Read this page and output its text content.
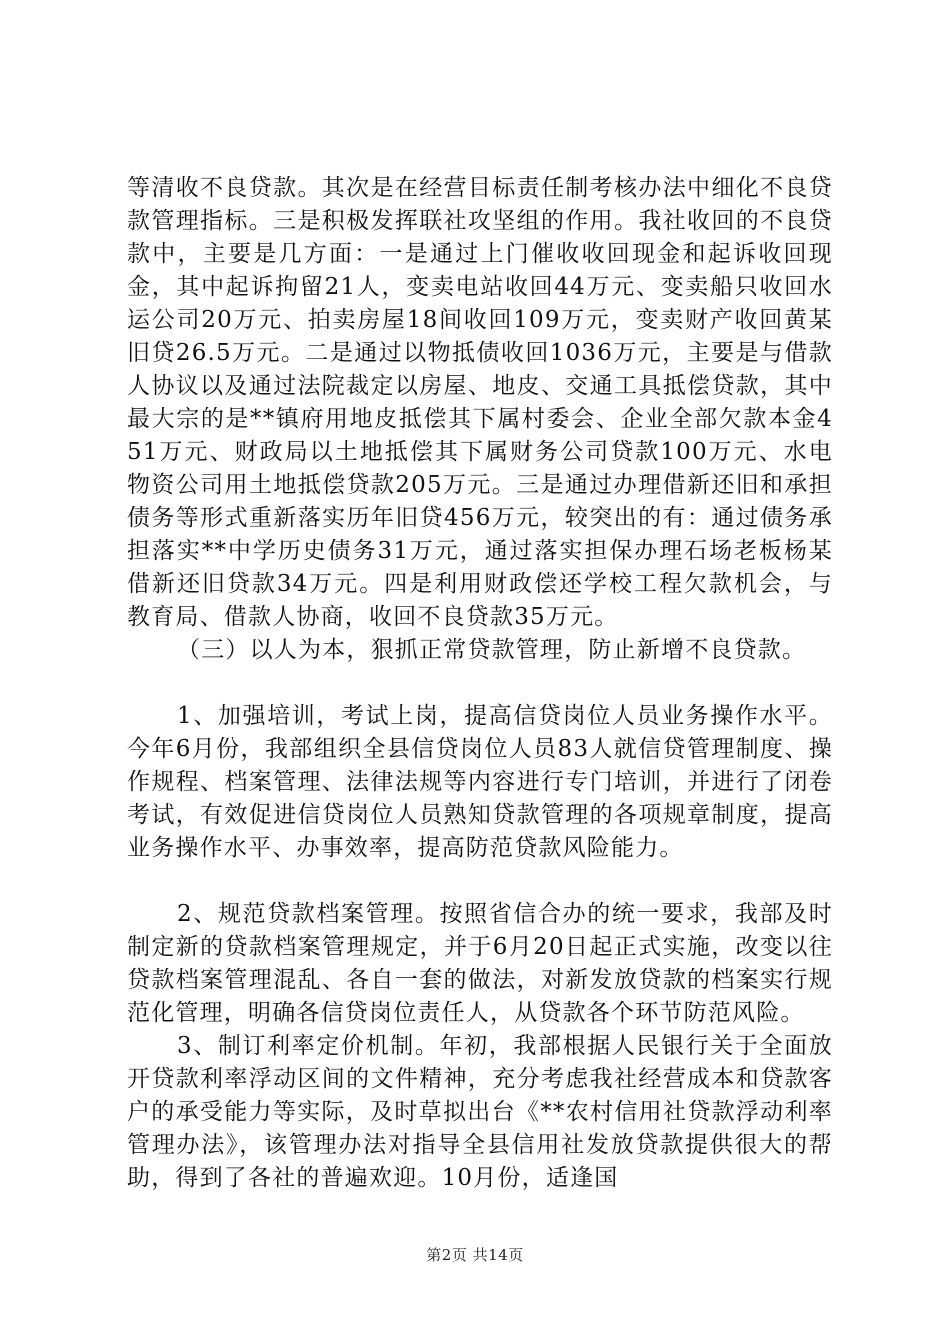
等清收不良贷款。其次是在经营目标责任制考核办法中细化不良贷款管理指标。三是积极发挥联社攻坚组的作用。我社收回的不良贷款中，主要是几方面：一是通过上门催收收回现金和起诉收回现金，其中起诉拘留21人，变卖电站收回44万元、变卖船只收回水运公司20万元、拍卖房屋18间收回109万元，变卖财产收回黄某旧贷26.5万元。二是通过以物抵债收回1036万元，主要是与借款人协议以及通过法院裁定以房屋、地皮、交通工具抵偿贷款，其中最大宗的是**镇府用地皮抵偿其下属村委会、企业全部欠款本金451万元、财政局以土地抵偿其下属财务公司贷款100万元、水电物资公司用土地抵偿贷款205万元。三是通过办理借新还旧和承担债务等形式重新落实历年旧贷456万元，较突出的有：通过债务承担落实**中学历史债务31万元，通过落实担保办理石场老板杨某借新还旧贷款34万元。四是利用财政偿还学校工程欠款机会，与教育局、借款人协商，收回不良贷款35万元。

（三）以人为本，狠抓正常贷款管理，防止新增不良贷款。

1、加强培训，考试上岗，提高信贷岗位人员业务操作水平。今年6月份，我部组织全县信贷岗位人员83人就信贷管理制度、操作规程、档案管理、法律法规等内容进行专门培训，并进行了闭卷考试，有效促进信贷岗位人员熟知贷款管理的各项规章制度，提高业务操作水平、办事效率，提高防范贷款风险能力。

2、规范贷款档案管理。按照省信合办的统一要求，我部及时制定新的贷款档案管理规定，并于6月20日起正式实施，改变以往贷款档案管理混乱、各自一套的做法，对新发放贷款的档案实行规范化管理，明确各信贷岗位责任人，从贷款各个环节防范风险。

3、制订利率定价机制。年初，我部根据人民银行关于全面放开贷款利率浮动区间的文件精神，充分考虑我社经营成本和贷款客户的承受能力等实际，及时草拟出台《**农村信用社贷款浮动利率管理办法》，该管理办法对指导全县信用社发放贷款提供很大的帮助，得到了各社的普遍欢迎。10月份，适逢国

第2页 共14页
